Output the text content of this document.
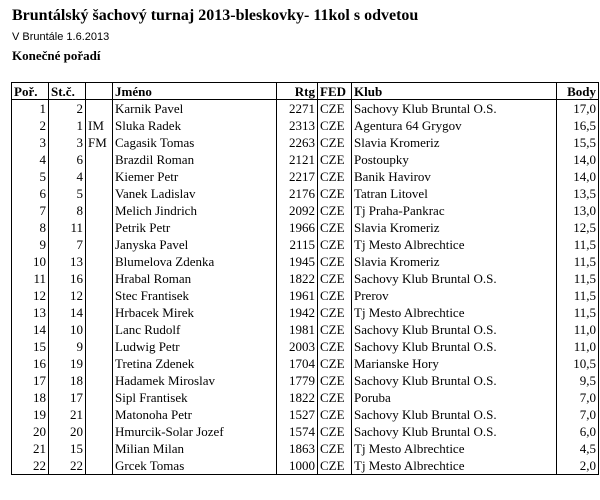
Bruntálský šachový turnaj 2013-bleskovky- 11kol s odvetou
V Bruntále 1.6.2013
Konečné pořadí
Poř.	St.č.		Jméno	Rtg	FED	Klub	Body
1	2		Karnik Pavel	2271	CZE	Sachovy Klub Bruntal O.S.	17,0
2	1	IM	Sluka Radek	2313	CZE	Agentura 64 Grygov	16,5
3	3	FM	Cagasik Tomas	2263	CZE	Slavia Kromeriz	15,5
4	6		Brazdil Roman	2121	CZE	Postoupky	14,0
5	4		Kiemer Petr	2217	CZE	Banik Havirov	14,0
6	5		Vanek Ladislav	2176	CZE	Tatran Litovel	13,5
7	8		Melich Jindrich	2092	CZE	Tj Praha-Pankrac	13,0
8	11		Petrik Petr	1966	CZE	Slavia Kromeriz	12,5
9	7		Janyska Pavel	2115	CZE	Tj Mesto Albrechtice	11,5
10	13		Blumelova Zdenka	1945	CZE	Slavia Kromeriz	11,5
11	16		Hrabal Roman	1822	CZE	Sachovy Klub Bruntal O.S.	11,5
12	12		Stec Frantisek	1961	CZE	Prerov	11,5
13	14		Hrbacek Mirek	1942	CZE	Tj Mesto Albrechtice	11,5
14	10		Lanc Rudolf	1981	CZE	Sachovy Klub Bruntal O.S.	11,0
15	9		Ludwig Petr	2003	CZE	Sachovy Klub Bruntal O.S.	11,0
16	19		Tretina Zdenek	1704	CZE	Marianske Hory	10,5
17	18		Hadamek Miroslav	1779	CZE	Sachovy Klub Bruntal O.S.	9,5
18	17		Sipl Frantisek	1822	CZE	Poruba	7,0
19	21		Matonoha Petr	1527	CZE	Sachovy Klub Bruntal O.S.	7,0
20	20		Hmurcik-Solar Jozef	1574	CZE	Sachovy Klub Bruntal O.S.	6,0
21	15		Milian Milan	1863	CZE	Tj Mesto Albrechtice	4,5
22	22		Grcek Tomas	1000	CZE	Tj Mesto Albrechtice	2,0
